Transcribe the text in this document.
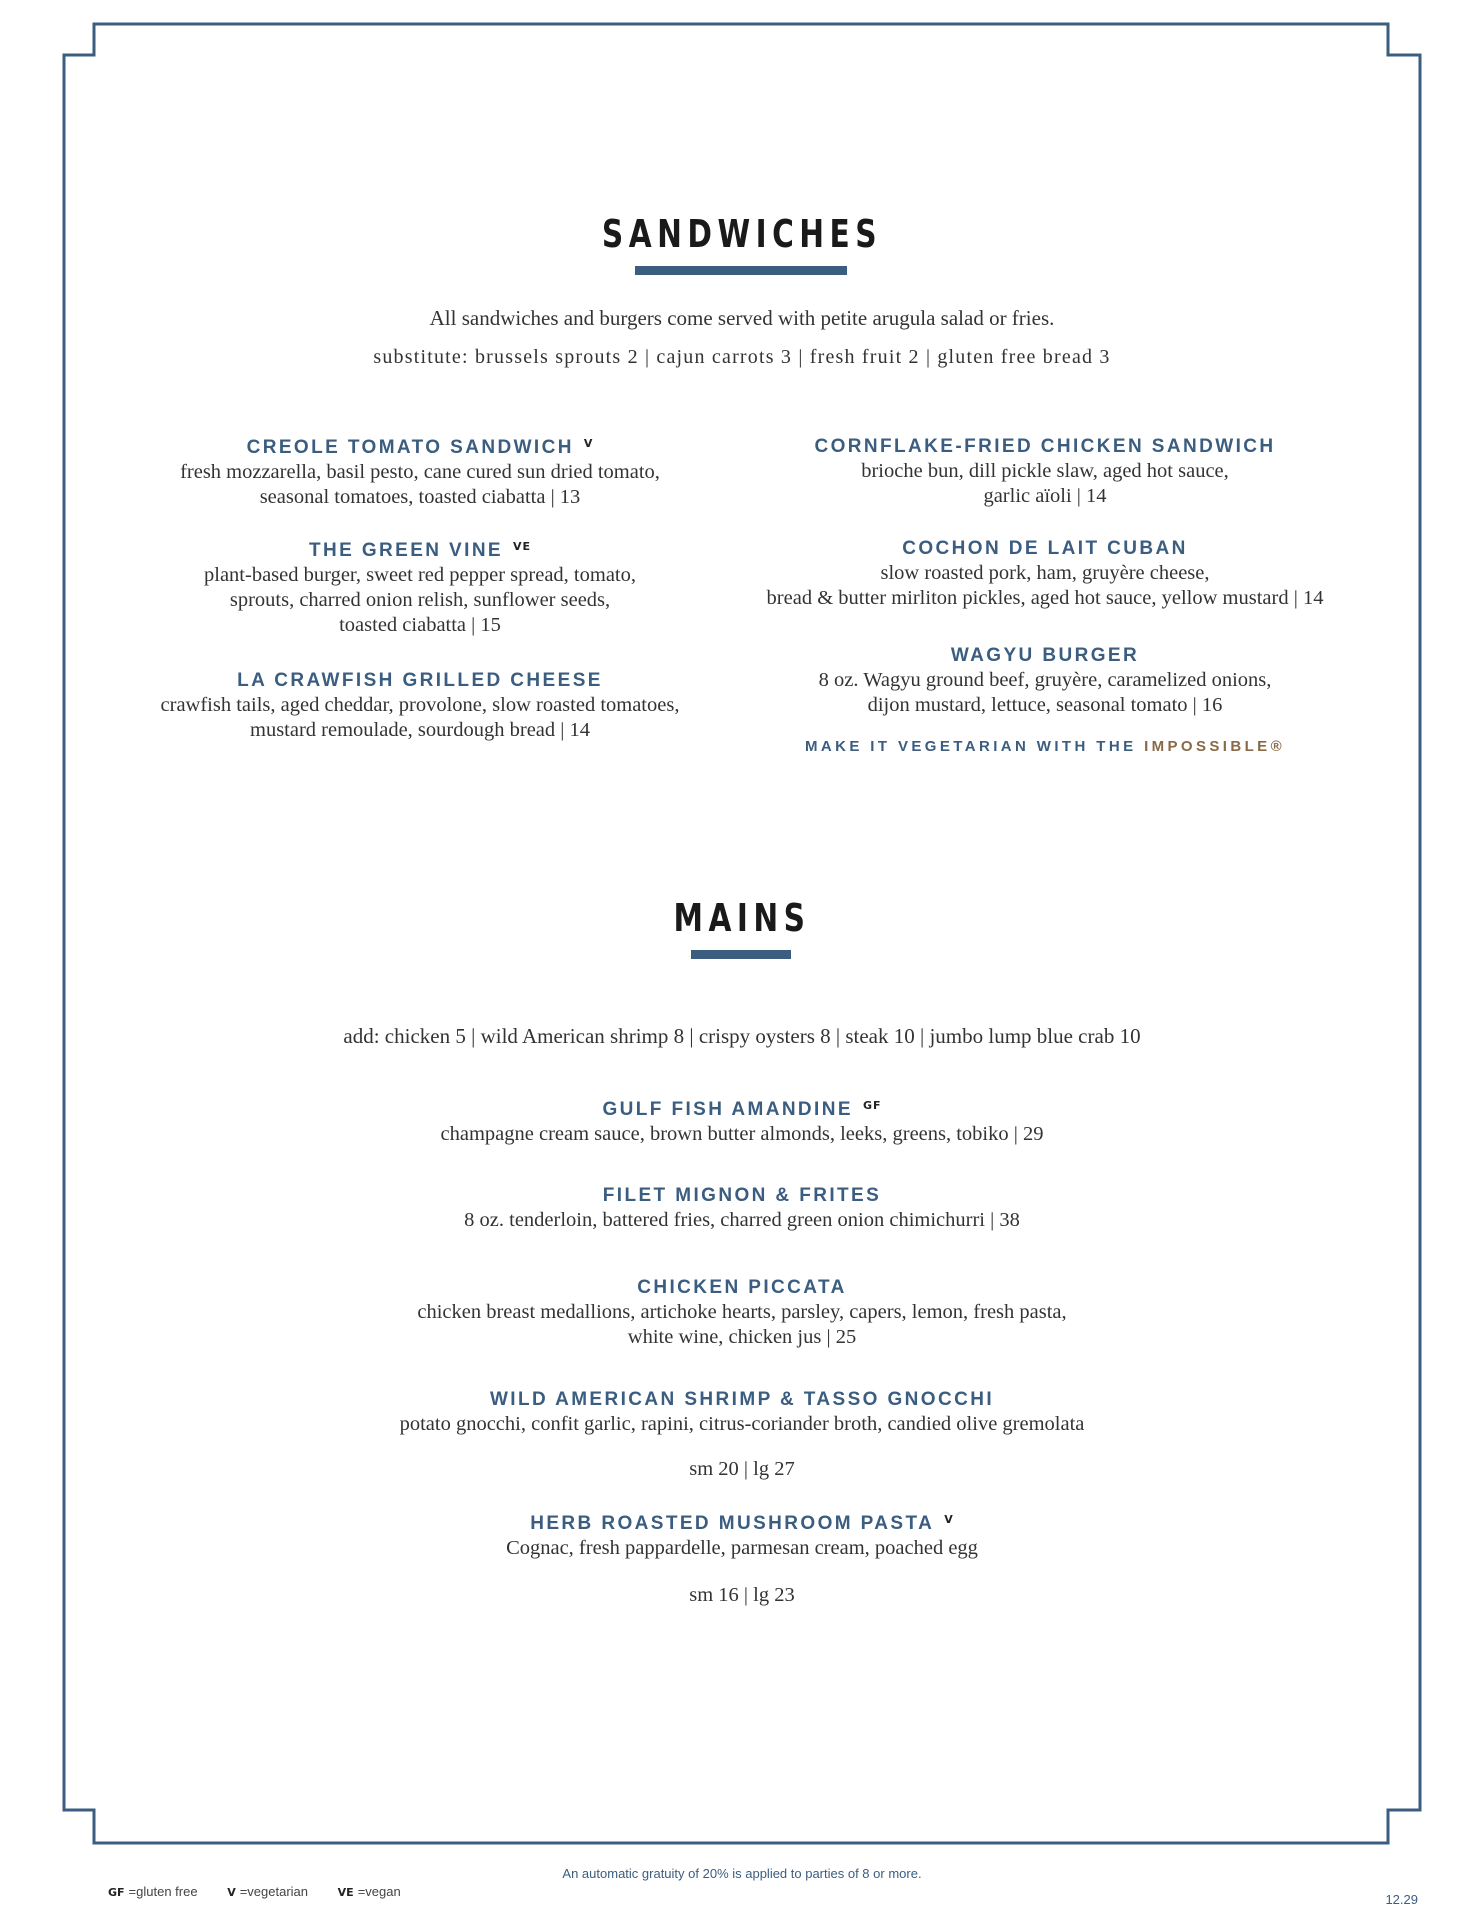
SANDWICHES
All sandwiches and burgers come served with petite arugula salad or fries.
substitute: brussels sprouts 2 | cajun carrots 3 | fresh fruit 2 | gluten free bread 3
CREOLE TOMATO SANDWICH $^V$
fresh mozzarella, basil pesto, cane cured sun dried tomato,
seasonal tomatoes, toasted ciabatta | 13
THE GREEN VINE $^{VE}$
plant-based burger, sweet red pepper spread, tomato,
sprouts, charred onion relish, sunflower seeds,
toasted ciabatta | 15
LA CRAWFISH GRILLED CHEESE
crawfish tails, aged cheddar, provolone, slow roasted tomatoes,
mustard remoulade, sourdough bread | 14
CORNFLAKE-FRIED CHICKEN SANDWICH
brioche bun, dill pickle slaw, aged hot sauce,
garlic aïoli | 14
COCHON DE LAIT CUBAN
slow roasted pork, ham, gruyère cheese,
bread & butter mirliton pickles, aged hot sauce, yellow mustard | 14
WAGYU BURGER
8 oz. Wagyu ground beef, gruyère, caramelized onions,
dijon mustard, lettuce, seasonal tomato | 16
MAKE IT VEGETARIAN WITH THE IMPOSSIBLE®
MAINS
add: chicken 5 | wild American shrimp 8 | crispy oysters 8 | steak 10 | jumbo lump blue crab 10
GULF FISH AMANDINE $^{GF}$
champagne cream sauce, brown butter almonds, leeks, greens, tobiko | 29
FILET MIGNON & FRITES
8 oz. tenderloin, battered fries, charred green onion chimichurri | 38
CHICKEN PICCATA
chicken breast medallions, artichoke hearts, parsley, capers, lemon, fresh pasta,
white wine, chicken jus | 25
WILD AMERICAN SHRIMP & TASSO GNOCCHI
potato gnocchi, confit garlic, rapini, citrus-coriander broth, candied olive gremolata
sm 20 | lg 27
HERB ROASTED MUSHROOM PASTA $^V$
Cognac, fresh pappardelle, parmesan cream, poached egg
sm 16 | lg 23
An automatic gratuity of 20% is applied to parties of 8 or more.
GF =gluten free	V =vegetarian	VE =vegan
12.29
